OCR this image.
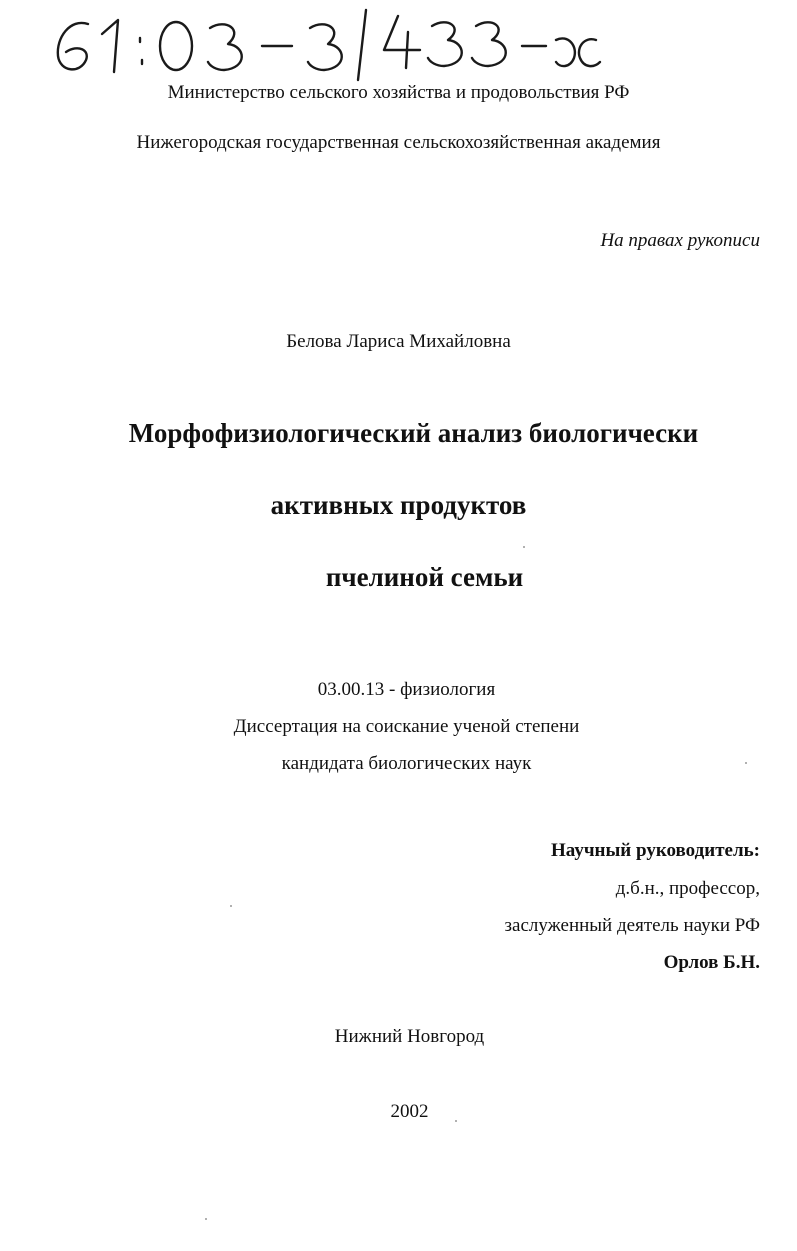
Министерство сельского хозяйства и продовольствия РФ
Нижегородская государственная сельскохозяйственная академия
На правах рукописи
Белова Лариса Михайловна
Морфофизиологический анализ биологически
активных продуктов
пчелиной семьи
03.00.13 - физиология
Диссертация на соискание ученой степени
кандидата биологических наук
Научный руководитель:
д.б.н., профессор,
заслуженный деятель науки РФ
Орлов Б.Н.
Нижний Новгород
2002
